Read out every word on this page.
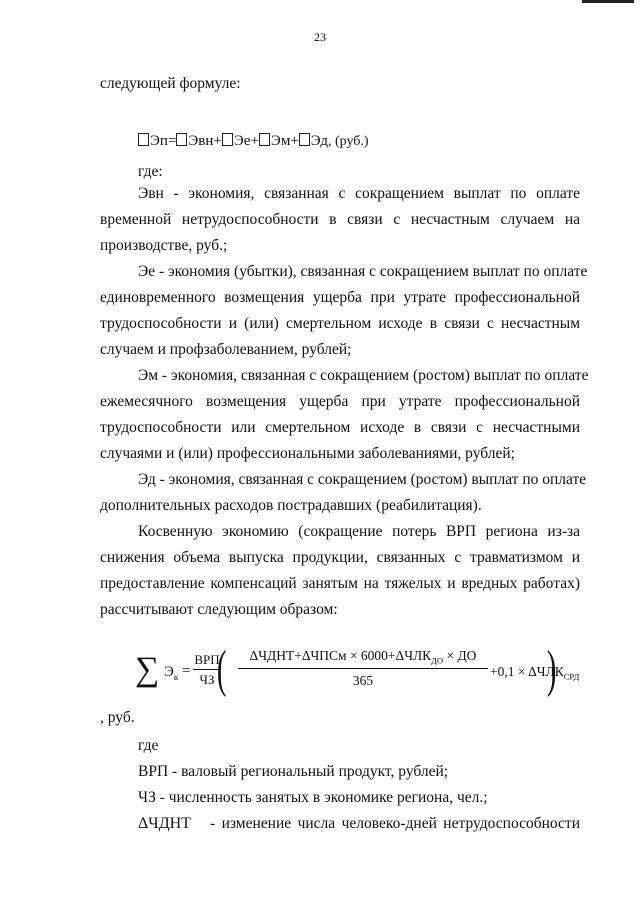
23
следующей формуле:
Эп= Эвн+ Эе+ Эм+ Эд, (руб.)
где:
Эвн - экономия, связанная с сокращением выплат по оплате
временной нетрудоспособности в связи с несчастным случаем на
производстве, руб.;
Эе - экономия (убытки), связанная с сокращением выплат по оплате
единовременного возмещения ущерба при утрате профессиональной
трудоспособности и (или) смертельном исходе в связи с несчастным
случаем и профзаболеванием, рублей;
Эм - экономия, связанная с сокращением (ростом) выплат по оплате
ежемесячного возмещения ущерба при утрате профессиональной
трудоспособности или смертельном исходе в связи с несчастными
случаями и (или) профессиональными заболеваниями, рублей;
Эд - экономия, связанная с сокращением (ростом) выплат по оплате
дополнительных расходов пострадавших (реабилитация).
Косвенную экономию (сокращение потерь ВРП региона из-за
снижения объема выпуска продукции, связанных с травматизмом и
предоставление компенсаций занятым на тяжелых и вредных работах)
рассчитывают следующим образом:
∑ $Э_к$ =
ВРП
ЧЗ (	ΔЧДНТ+ΔЧПСм × $6000+\Delta ЧЛК_{ДО}$ × ДО
365
$+0,1 \times \Delta ЧЛК_{СРД}$
)
, руб.
где
ВРП - валовый региональный продукт, рублей;
ЧЗ - численность занятых в экономике региона, чел.;
ΔЧДНТ - изменение числа человеко-дней нетрудоспособности
